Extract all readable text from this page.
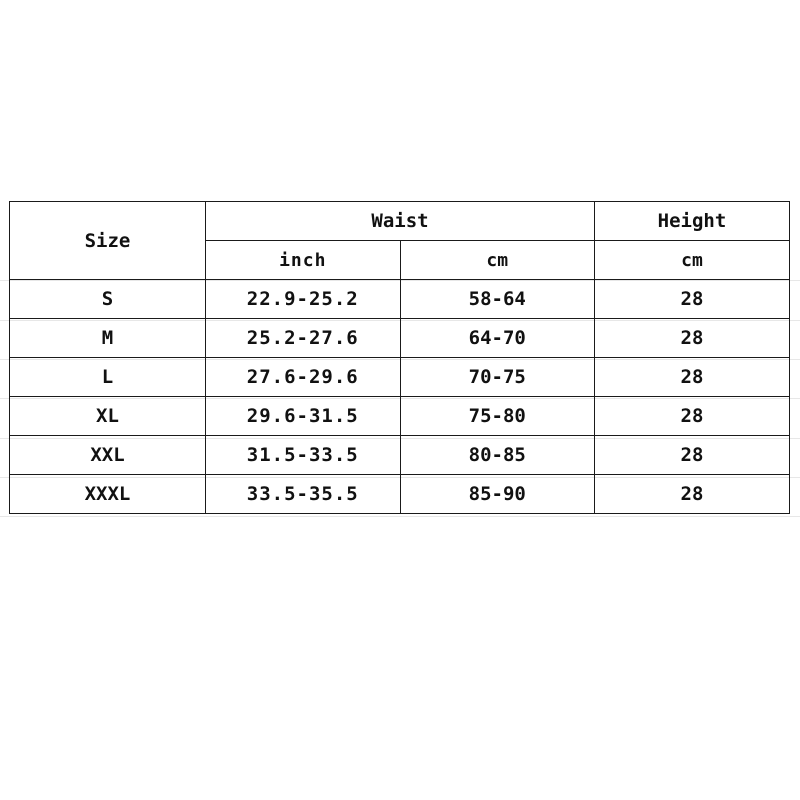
Size	Waist		Height
	inch	cm	cm
S	22.9-25.2	58-64	28
M	25.2-27.6	64-70	28
L	27.6-29.6	70-75	28
XL	29.6-31.5	75-80	28
XXL	31.5-33.5	80-85	28
XXXL	33.5-35.5	85-90	28
